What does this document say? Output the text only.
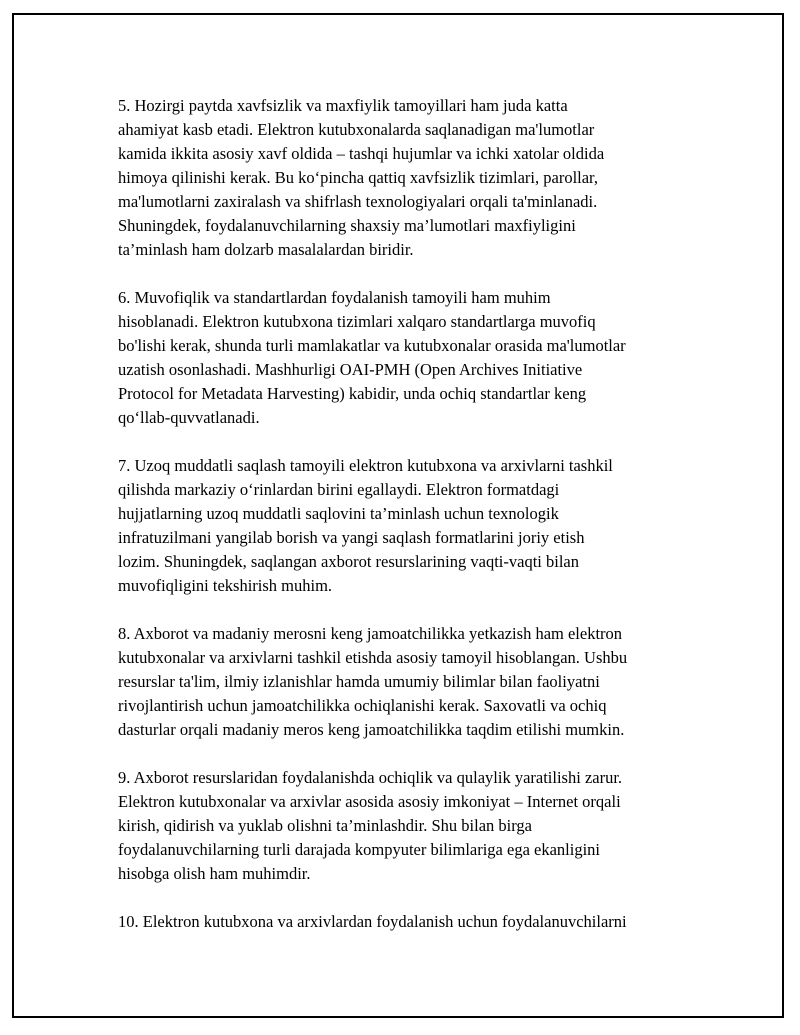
5. Hozirgi paytda xavfsizlik va maxfiylik tamoyillari ham juda katta
ahamiyat kasb etadi. Elektron kutubxonalarda saqlanadigan ma'lumotlar
kamida ikkita asosiy xavf oldida – tashqi hujumlar va ichki xatolar oldida
himoya qilinishi kerak. Bu koʻpincha qattiq xavfsizlik tizimlari, parollar,
ma'lumotlarni zaxiralash va shifrlash texnologiyalari orqali ta'minlanadi.
Shuningdek, foydalanuvchilarning shaxsiy ma’lumotlari maxfiyligini
ta’minlash ham dolzarb masalalardan biridir.
6. Muvofiqlik va standartlardan foydalanish tamoyili ham muhim
hisoblanadi. Elektron kutubxona tizimlari xalqaro standartlarga muvofiq
bo'lishi kerak, shunda turli mamlakatlar va kutubxonalar orasida ma'lumotlar
uzatish osonlashadi. Mashhurligi OAI-PMH (Open Archives Initiative
Protocol for Metadata Harvesting) kabidir, unda ochiq standartlar keng
qoʻllab-quvvatlanadi.
7. Uzoq muddatli saqlash tamoyili elektron kutubxona va arxivlarni tashkil
qilishda markaziy oʻrinlardan birini egallaydi. Elektron formatdagi
hujjatlarning uzoq muddatli saqlovini ta’minlash uchun texnologik
infratuzilmani yangilab borish va yangi saqlash formatlarini joriy etish
lozim. Shuningdek, saqlangan axborot resurslarining vaqti-vaqti bilan
muvofiqligini tekshirish muhim.
8. Axborot va madaniy merosni keng jamoatchilikka yetkazish ham elektron
kutubxonalar va arxivlarni tashkil etishda asosiy tamoyil hisoblangan. Ushbu
resurslar ta'lim, ilmiy izlanishlar hamda umumiy bilimlar bilan faoliyatni
rivojlantirish uchun jamoatchilikka ochiqlanishi kerak. Saxovatli va ochiq
dasturlar orqali madaniy meros keng jamoatchilikka taqdim etilishi mumkin.
9. Axborot resurslaridan foydalanishda ochiqlik va qulaylik yaratilishi zarur.
Elektron kutubxonalar va arxivlar asosida asosiy imkoniyat – Internet orqali
kirish, qidirish va yuklab olishni ta’minlashdir. Shu bilan birga
foydalanuvchilarning turli darajada kompyuter bilimlariga ega ekanligini
hisobga olish ham muhimdir.
10. Elektron kutubxona va arxivlardan foydalanish uchun foydalanuvchilarni
